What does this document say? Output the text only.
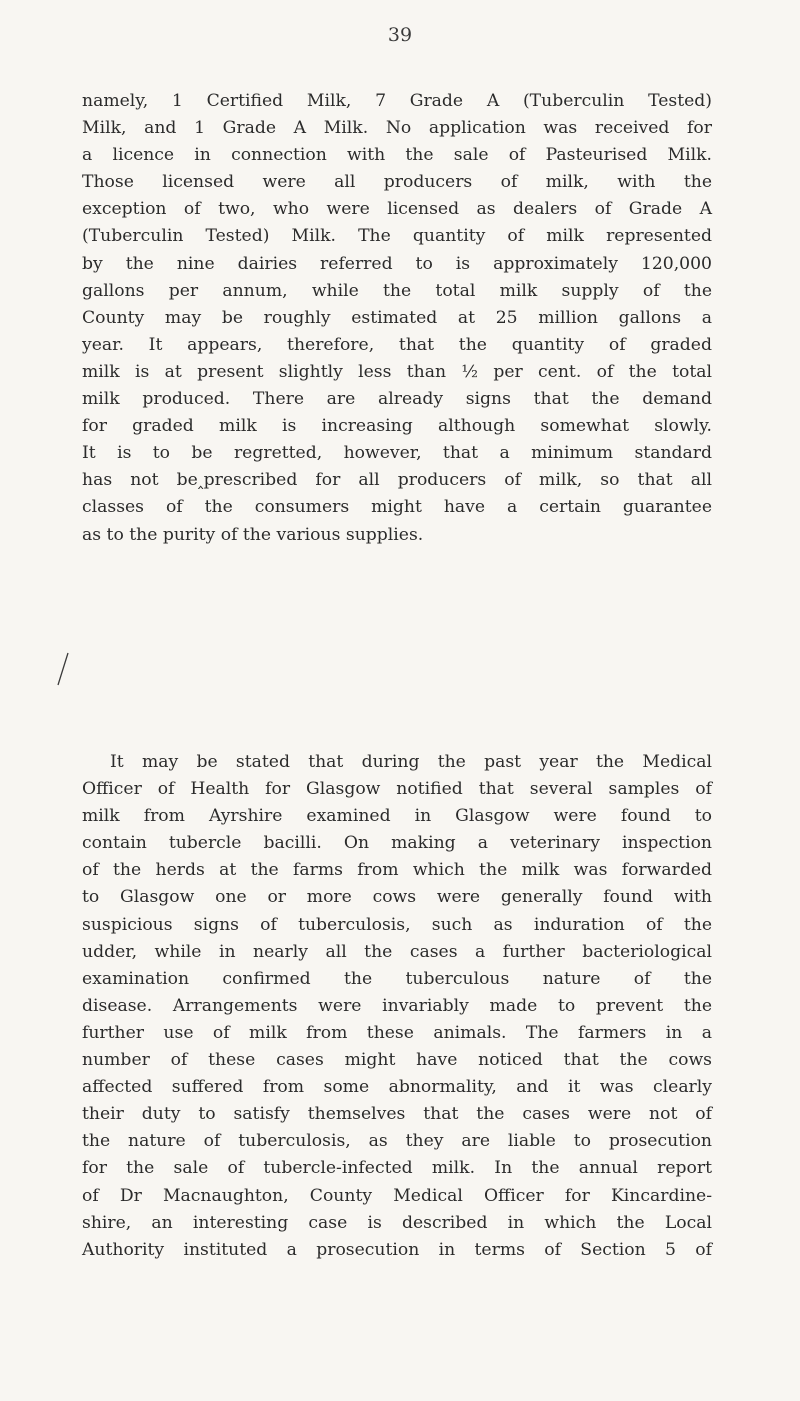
39

namely, 1 Certified Milk, 7 Grade A (Tuberculin Tested)
Milk, and 1 Grade A Milk. No application was received for
a licence in connection with the sale of Pasteurised Milk.
Those licensed were all producers of milk, with the
exception of two, who were licensed as dealers of Grade A
(Tuberculin Tested) Milk. The quantity of milk represented
by the nine dairies referred to is approximately 120,000
gallons per annum, while the total milk supply of the
County may be roughly estimated at 25 million gallons a
year. It appears, therefore, that the quantity of graded
milk is at present slightly less than ½ per cent. of the total
milk produced. There are already signs that the demand
for graded milk is increasing although somewhat slowly.
It is to be regretted, however, that a minimum standard
has not be‸prescribed for all producers of milk, so that all
classes of the consumers might have a certain guarantee
as to the purity of the various supplies.

It may be stated that during the past year the Medical
Officer of Health for Glasgow notified that several samples of
milk from Ayrshire examined in Glasgow were found to
contain tubercle bacilli. On making a veterinary inspection
of the herds at the farms from which the milk was forwarded
to Glasgow one or more cows were generally found with
suspicious signs of tuberculosis, such as induration of the
udder, while in nearly all the cases a further bacteriological
examination confirmed the tuberculous nature of the
disease. Arrangements were invariably made to prevent the
further use of milk from these animals. The farmers in a
number of these cases might have noticed that the cows
affected suffered from some abnormality, and it was clearly
their duty to satisfy themselves that the cases were not of
the nature of tuberculosis, as they are liable to prosecution
for the sale of tubercle-infected milk. In the annual report
of Dr Macnaughton, County Medical Officer for Kincardine-
shire, an interesting case is described in which the Local
Authority instituted a prosecution in terms of Section 5 of
